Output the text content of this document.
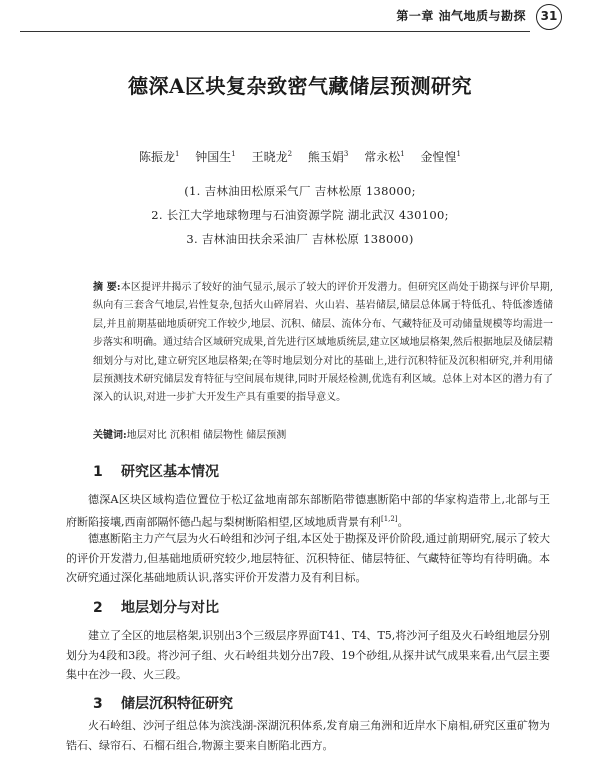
第一章 油气地质与勘探	31
德深A区块复杂致密气藏储层预测研究
陈振龙$^1$ 钟国生$^1$ 王晓龙$^2$ 熊玉娟$^3$ 常永松$^1$ 金惶惶$^1$
(1. 吉林油田松原采气厂 吉林松原 138000;
2. 长江大学地球物理与石油资源学院 湖北武汉 430100;
3. 吉林油田扶余采油厂 吉林松原 138000)
摘 要:本区提评井揭示了较好的油气显示,展示了较大的评价开发潜力。但研究区尚处于勘探与评价早期,纵向有三套含气地层,岩性复杂,包括火山碎屑岩、火山岩、基岩储层,储层总体属于特低孔、特低渗透储层,并且前期基础地质研究工作较少,地层、沉积、储层、流体分布、气藏特征及可动储量规模等均需进一步落实和明确。通过结合区域研究成果,首先进行区域地质统层,建立区域地层格架,然后根据地层及储层精细划分与对比,建立研究区地层格架;在等时地层划分对比的基础上,进行沉积特征及沉积相研究,并利用储层预测技术研究储层发育特征与空间展布规律,同时开展烃检测,优选有利区域。总体上对本区的潜力有了深入的认识,对进一步扩大开发生产具有重要的指导意义。
关键词:地层对比 沉积相 储层物性 储层预测
1 研究区基本情况
德深A区块区域构造位置位于松辽盆地南部东部断陷带德惠断陷中部的华家构造带上,北部与王府断陷接壤,西南部隔怀德凸起与梨树断陷相望,区域地质背景有利[1,2]。
德惠断陷主力产气层为火石岭组和沙河子组,本区处于勘探及评价阶段,通过前期研究,展示了较大的评价开发潜力,但基础地质研究较少,地层特征、沉积特征、储层特征、气藏特征等均有待明确。本次研究通过深化基础地质认识,落实评价开发潜力及有利目标。
2 地层划分与对比
建立了全区的地层格架,识别出3个三级层序界面T41、T4、T5,将沙河子组及火石岭组地层分别划分为4段和3段。将沙河子组、火石岭组共划分出7段、19个砂组,从探井试气成果来看,出气层主要集中在沙一段、火三段。
3 储层沉积特征研究
火石岭组、沙河子组总体为滨浅湖-深湖沉积体系,发育扇三角洲和近岸水下扇相,研究区重矿物为锆石、绿帘石、石榴石组合,物源主要来自断陷北西方。
